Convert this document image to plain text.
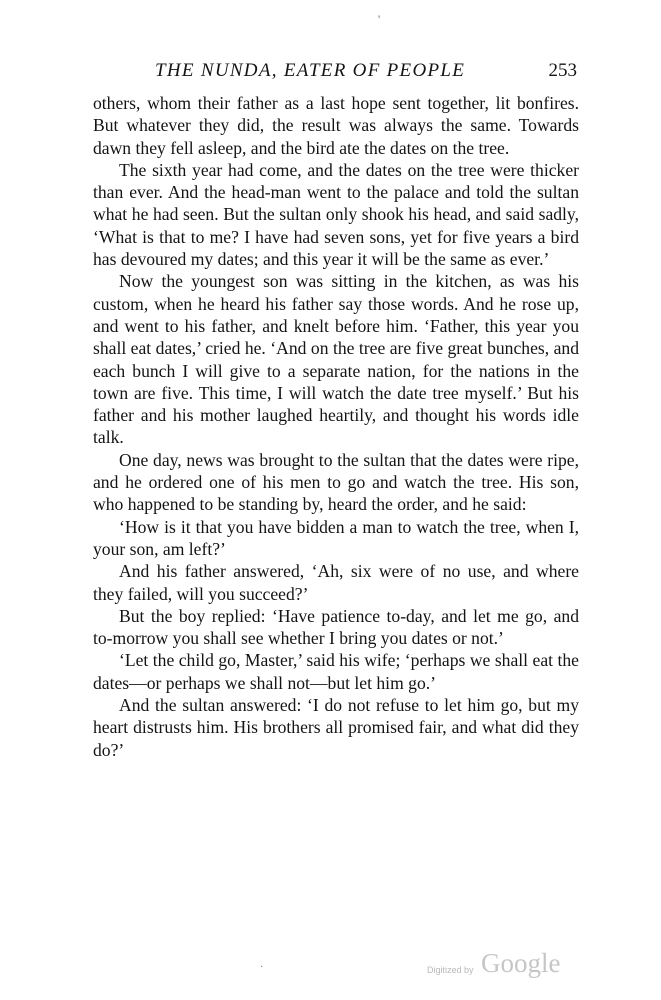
'
THE NUNDA, EATER OF PEOPLE	253

others, whom their father as a last hope sent together, lit bonfires. But whatever they did, the result was always the same. Towards dawn they fell asleep, and the bird ate the dates on the tree.

The sixth year had come, and the dates on the tree were thicker than ever. And the head-man went to the palace and told the sultan what he had seen. But the sultan only shook his head, and said sadly, ‘What is that to me? I have had seven sons, yet for five years a bird has devoured my dates; and this year it will be the same as ever.’

Now the youngest son was sitting in the kitchen, as was his custom, when he heard his father say those words. And he rose up, and went to his father, and knelt before him. ‘Father, this year you shall eat dates,’ cried he. ‘And on the tree are five great bunches, and each bunch I will give to a separate nation, for the nations in the town are five. This time, I will watch the date tree myself.’ But his father and his mother laughed heartily, and thought his words idle talk.

One day, news was brought to the sultan that the dates were ripe, and he ordered one of his men to go and watch the tree. His son, who happened to be standing by, heard the order, and he said:

‘How is it that you have bidden a man to watch the tree, when I, your son, am left?’

And his father answered, ‘Ah, six were of no use, and where they failed, will you succeed?’

But the boy replied: ‘Have patience to-day, and let me go, and to-morrow you shall see whether I bring you dates or not.’

‘Let the child go, Master,’ said his wife; ‘perhaps we shall eat the dates—or perhaps we shall not—but let him go.’

And the sultan answered: ‘I do not refuse to let him go, but my heart distrusts him. His brothers all promised fair, and what did they do?’

·	Digitized by Google
